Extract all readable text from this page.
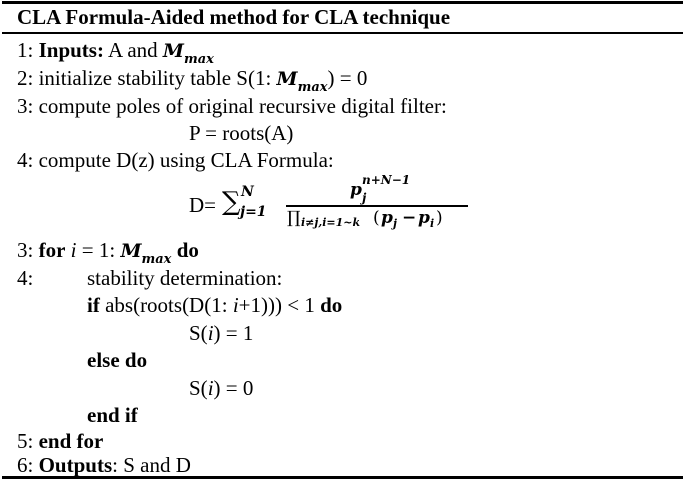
CLA Formula-Aided method for CLA technique
1: Inputs: A and $M_{max}$
2: initialize stability table S(1: $M_{max}) = 0$
3: compute poles of original recursive digital filter:
P = roots(A)
4: compute D(z) using CLA Formula:
D= ∑ N
j=1
p n+N−1
j
∏ i≠j,i=1~k ( p j − p i )
3: for i = 1: $M_{max}$ do
4:	stability determination:
if abs(roots(D(1: i+1))) < 1 do
S(i) = 1
else do
S(i) = 0
end if
5: end for
6: Outputs: S and D
